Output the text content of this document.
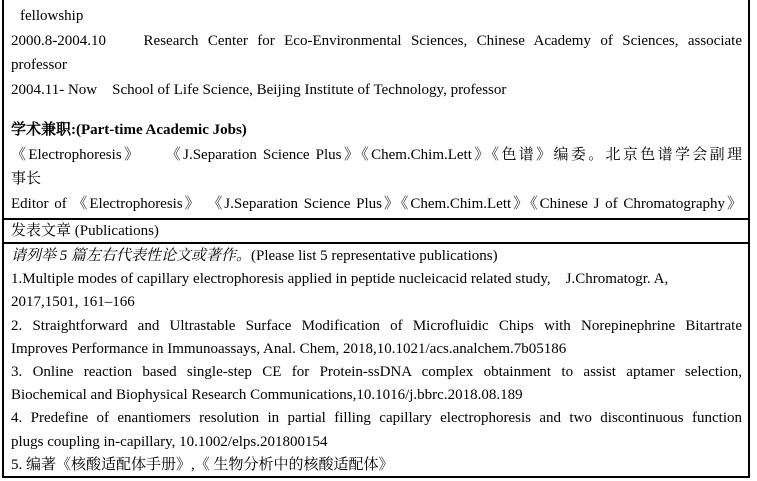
fellowship
2000.8-2004.10    Research Center for Eco-Environmental Sciences, Chinese Academy of Sciences, associate
professor
2004.11- Now    School of Life Science, Beijing Institute of Technology, professor
学术兼职:(Part-time Academic Jobs)
《Electrophoresis》    《J.Separation Science Plus》《Chem.Chim.Lett》《色谱》编委。北京色谱学会副理
事长
Editor of 《Electrophoresis》 《J.Separation Science Plus》《Chem.Chim.Lett》《Chinese J of Chromatography》
发表文章 (Publications)
请列举 5 篇左右代表性论文或著作。(Please list 5 representative publications)
1.Multiple modes of capillary electrophoresis applied in peptide nucleicacid related study,    J.Chromatogr. A,
2017,1501, 161–166
2. Straightforward and Ultrastable Surface Modification of Microfluidic Chips with Norepinephrine Bitartrate
Improves Performance in Immunoassays, Anal. Chem, 2018,10.1021/acs.analchem.7b05186
3. Online reaction based single-step CE for Protein-ssDNA complex obtainment to assist aptamer selection,
Biochemical and Biophysical Research Communications,10.1016/j.bbrc.2018.08.189
4. Predefine of enantiomers resolution in partial filling capillary electrophoresis and two discontinuous function
plugs coupling in-capillary, 10.1002/elps.201800154
5. 编著《核酸适配体手册》,《 生物分析中的核酸适配体》
